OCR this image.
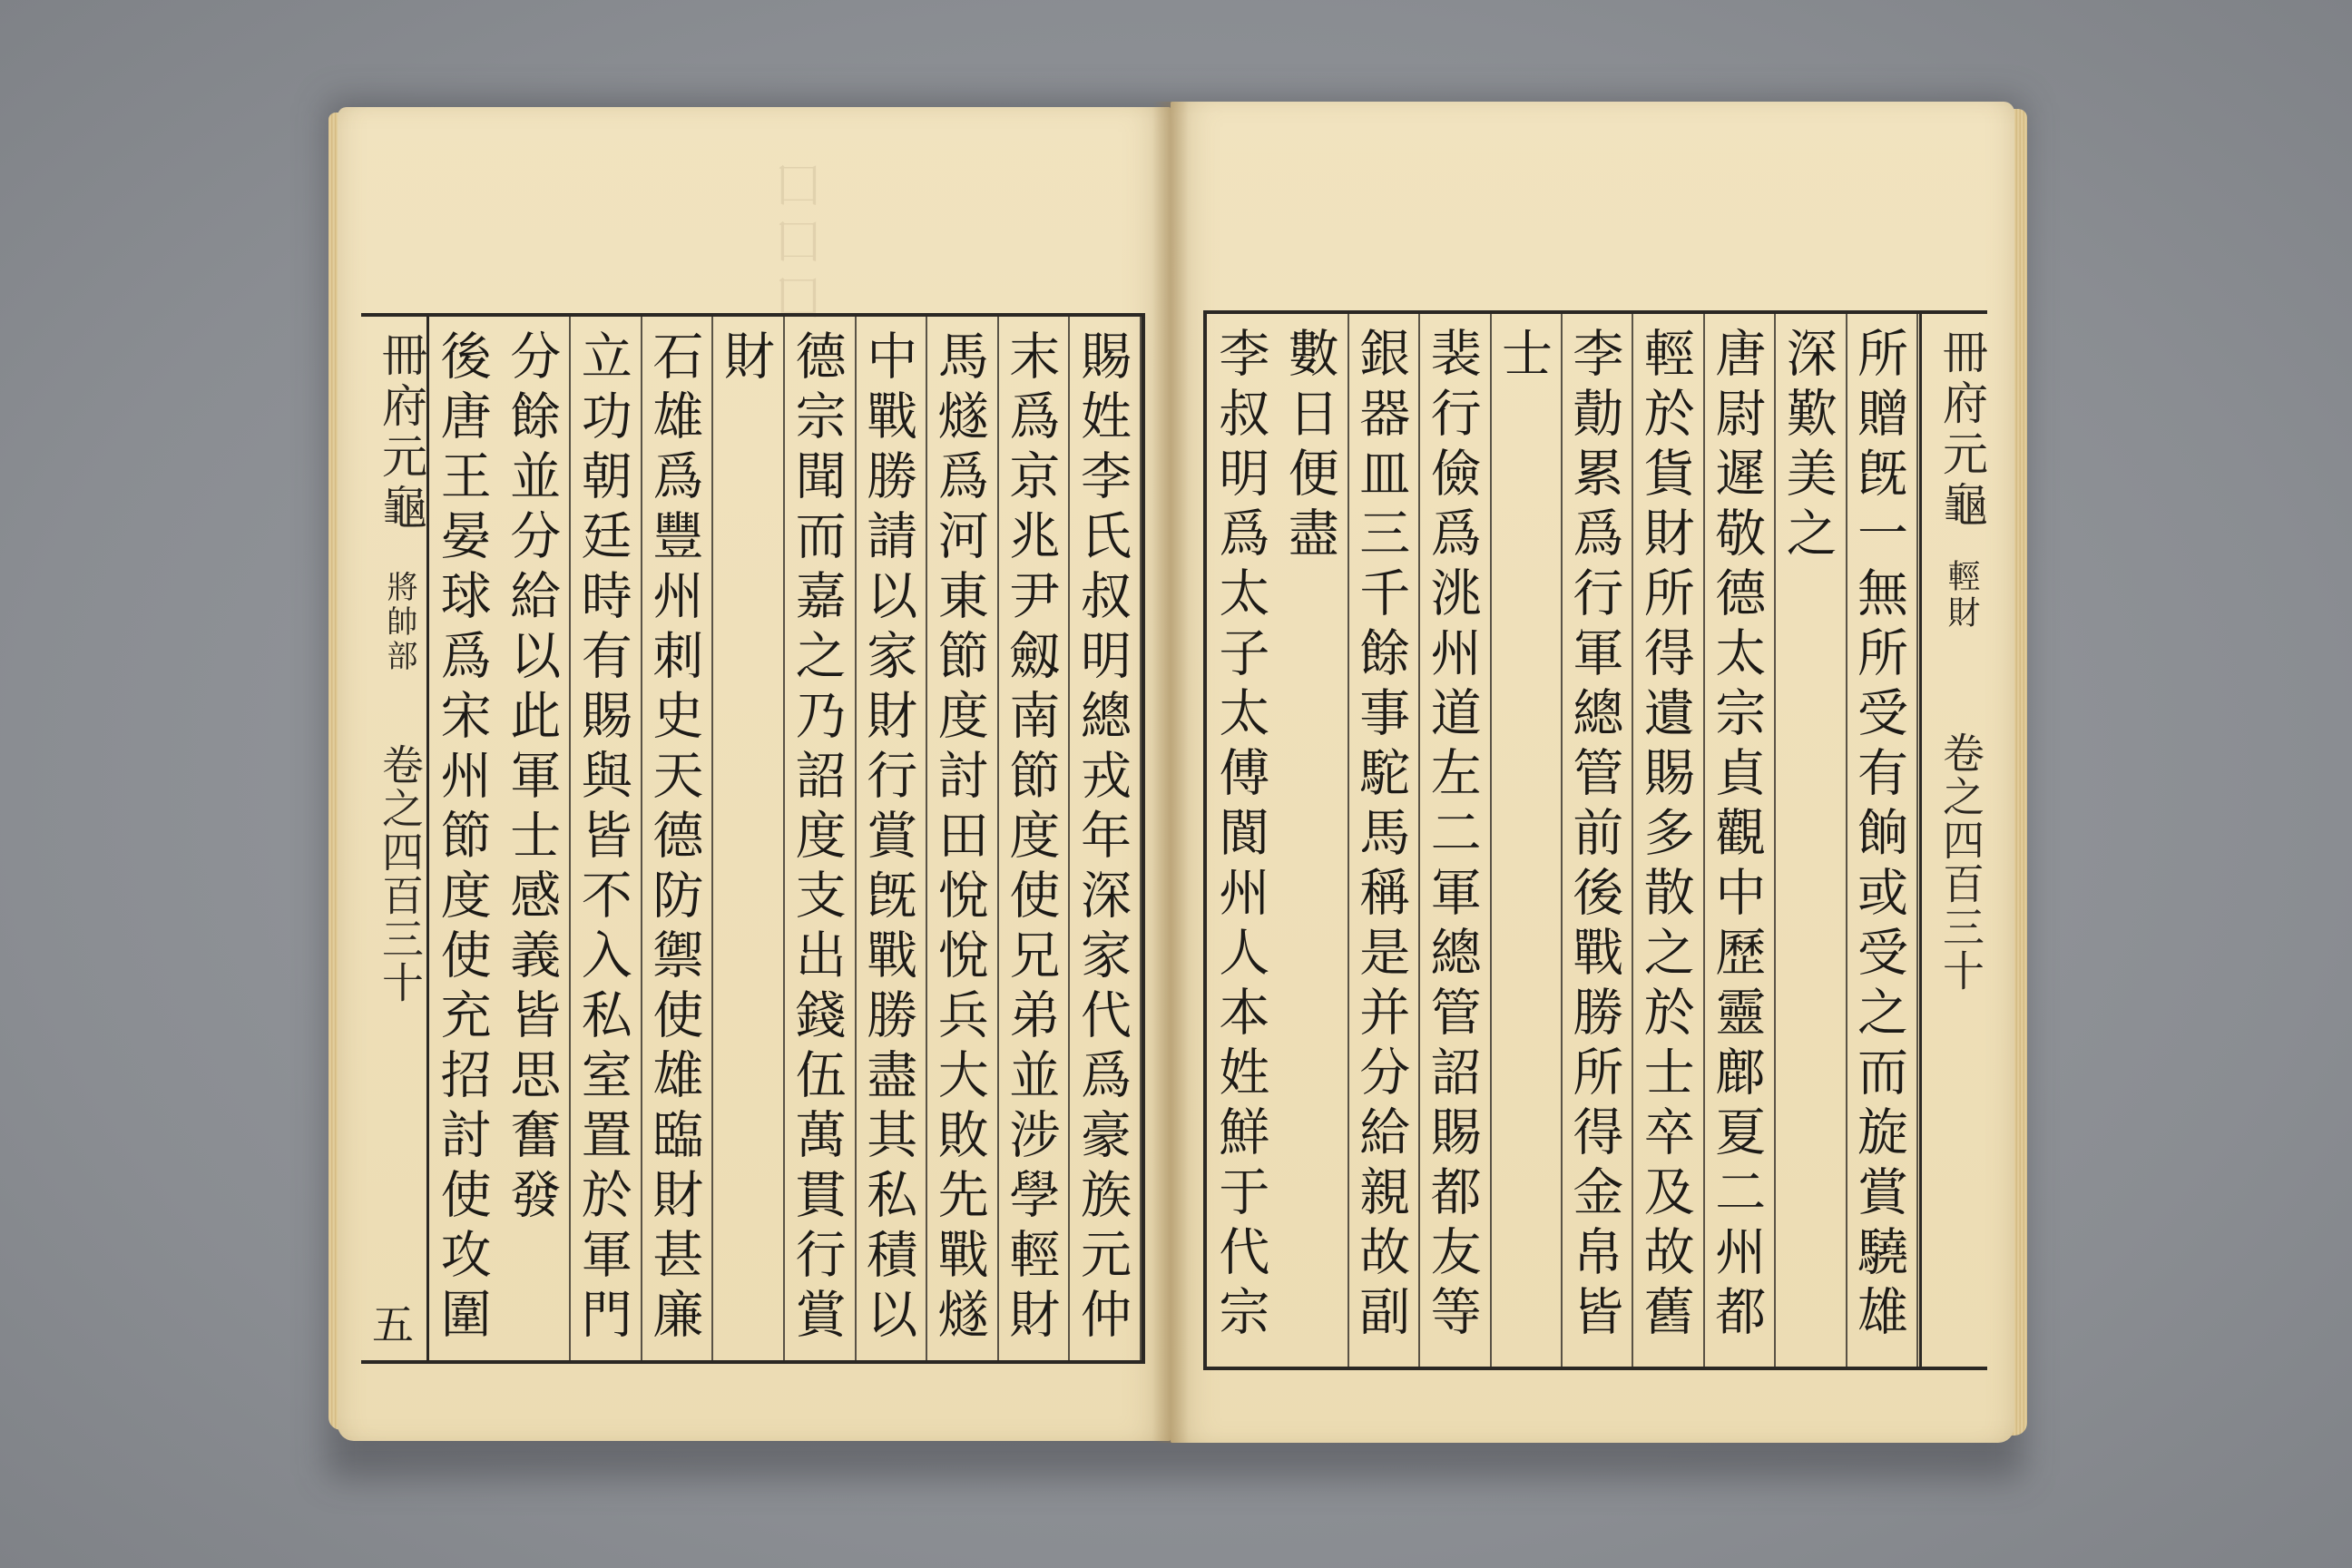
囗囗囗
冊府元龜
將帥部
卷之四百三十
五
賜姓李氏叔明總戎年深家代爲豪族元仲
末爲京兆尹劔南節度使兄弟並涉學輕財
馬燧爲河東節度討田悅悅兵大敗先戰燧
中戰勝請以家財行賞旣戰勝盡其私積以
德宗聞而嘉之乃詔度支出錢伍萬貫行賞
財
石雄爲豐州刺史天德防禦使雄臨財甚廉
立功朝廷時有賜與皆不入私室置於軍門
分餘並分給以此軍士感義皆思奮發
後唐王晏球爲宋州節度使充招討使攻圍
所贈旣一無所受有餉或受之而旋賞驍雄
深歎美之
唐尉遲敬德太宗貞觀中歷靈鄜夏二州都
輕於貨財所得遺賜多散之於士卒及故舊
李勣累爲行軍總管前後戰勝所得金帛皆
士
裴行儉爲洮州道左二軍總管詔賜都友等
銀器皿三千餘事駝馬稱是并分給親故副
數日便盡
李叔明爲太子太傅閬州人本姓鮮于代宗
冊府元龜
輕財
卷之四百三十
